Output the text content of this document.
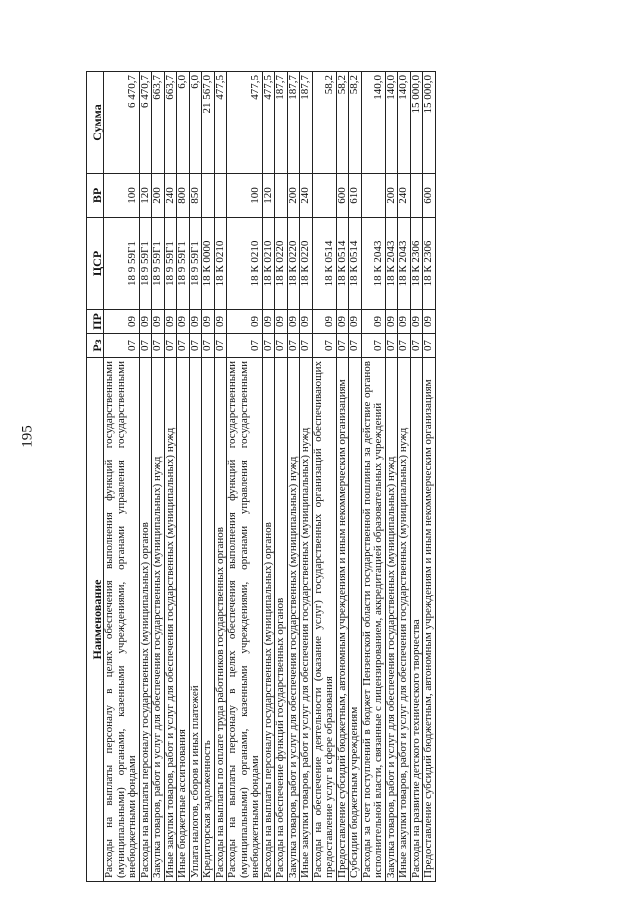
195
Наименование	Рз	ПР	ЦСР	ВР	Сумма
Расходы на выплаты персоналу в целях обеспечения выполнения функций государственными (муниципальными) органами, казенными учреждениями, органами управления государственными внебюджетными фондами	07	09	18 9 59Г1	100	6 470,7
Расходы на выплаты персоналу государственных (муниципальных) органов	07	09	18 9 59Г1	120	6 470,7
Закупка товаров, работ и услуг для обеспечения государственных (муниципальных) нужд	07	09	18 9 59Г1	200	663,7
Иные закупки товаров, работ и услуг для обеспечения государственных (муниципальных) нужд	07	09	18 9 59Г1	240	663,7
Иные бюджетные ассигнования	07	09	18 9 59Г1	800	6,0
Уплата налогов, сборов и иных платежей	07	09	18 9 59Г1	850	6,0
Кредиторская задолженность	07	09	18 К 0000		21 567,0
Расходы на выплаты по оплате труда работников государственных органов	07	09	18 К 0210		477,5
Расходы на выплаты персоналу в целях обеспечения выполнения функций государственными (муниципальными) органами, казенными учреждениями, органами управления государственными внебюджетными фондами	07	09	18 К 0210	100	477,5
Расходы на выплаты персоналу государственных (муниципальных) органов	07	09	18 К 0210	120	477,5
Расходы на обеспечение функций государственных органов	07	09	18 К 0220		187,7
Закупка товаров, работ и услуг для обеспечения государственных (муниципальных) нужд	07	09	18 К 0220	200	187,7
Иные закупки товаров, работ и услуг для обеспечения государственных (муниципальных) нужд	07	09	18 К 0220	240	187,7
Расходы на обеспечение деятельности (оказание услуг) государственных организаций обеспечивающих предоставление услуг в сфере образования	07	09	18 К 0514		58,2
Предоставление субсидий бюджетным, автономным учреждениям и иным некоммерческим организациям	07	09	18 К 0514	600	58,2
Субсидии бюджетным учреждениям	07	09	18 К 0514	610	58,2
Расходы за счет поступлений в бюджет Пензенской области государственной пошлины за действие органов исполнительной власти, связанные с лицензированием, аккредитацией образовательных учреждений	07	09	18 К 2043		140,0
Закупка товаров, работ и услуг для обеспечения государственных (муниципальных) нужд	07	09	18 К 2043	200	140,0
Иные закупки товаров, работ и услуг для обеспечения государственных (муниципальных) нужд	07	09	18 К 2043	240	140,0
Расходы на развитие детского технического творчества	07	09	18 К 2306		15 000,0
Предоставление субсидий бюджетным, автономным учреждениям и иным некоммерческим организациям	07	09	18 К 2306	600	15 000,0
